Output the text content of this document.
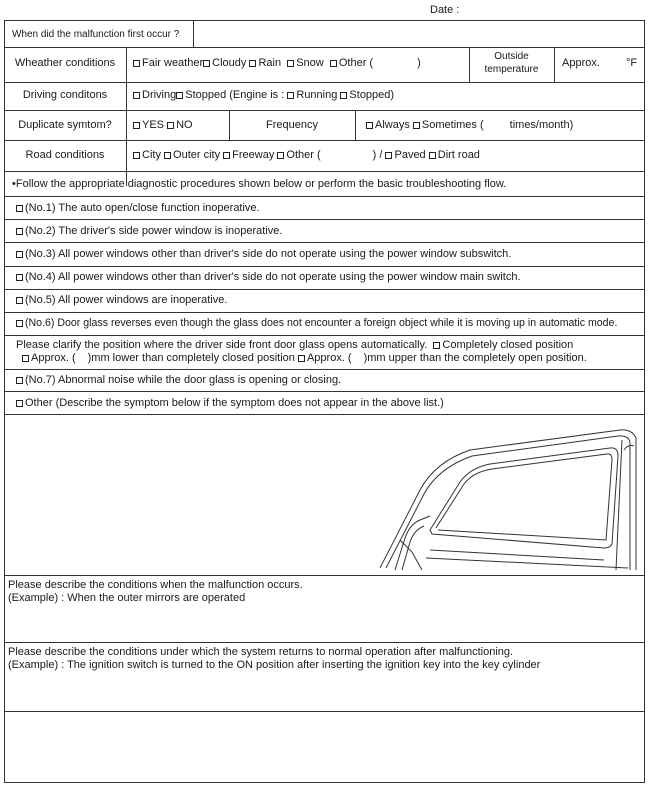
Date :
When did the malfunction first occur ?
Wheather conditions	Fair weather Cloudy Rain Snow Other (	)
Outside
temperature
Approx. °F
Driving conditons	Driving Stopped (Engine is : Running Stopped)
Duplicate symtom?	YES NO	Frequency	Always Sometimes ( times/month)
Road conditions	City Outer city Freeway Other (	) / Paved Dirt road
•Follow the appropriate diagnostic procedures shown below or perform the basic troubleshooting flow.
(No.1) The auto open/close function inoperative.
(No.2) The driver's side power window is inoperative.
(No.3) All power windows other than driver's side do not operate using the power window subswitch.
(No.4) All power windows other than driver's side do not operate using the power window main switch.
(No.5) All power windows are inoperative.
(No.6) Door glass reverses even though the glass does not encounter a foreign object while it is moving up in automatic mode.
Please clarify the position where the driver side front door glass opens automatically. Completely closed position
Approx. ( )mm lower than completely closed position Approx. ( )mm upper than the completely open position.
(No.7) Abnormal noise while the door glass is opening or closing.
Other (Describe the symptom below if the symptom does not appear in the above list.)
Please describe the conditions when the malfunction occurs.
(Example) : When the outer mirrors are operated
Please describe the conditions under which the system returns to normal operation after malfunctioning.
(Example) : The ignition switch is turned to the ON position after inserting the ignition key into the key cylinder
